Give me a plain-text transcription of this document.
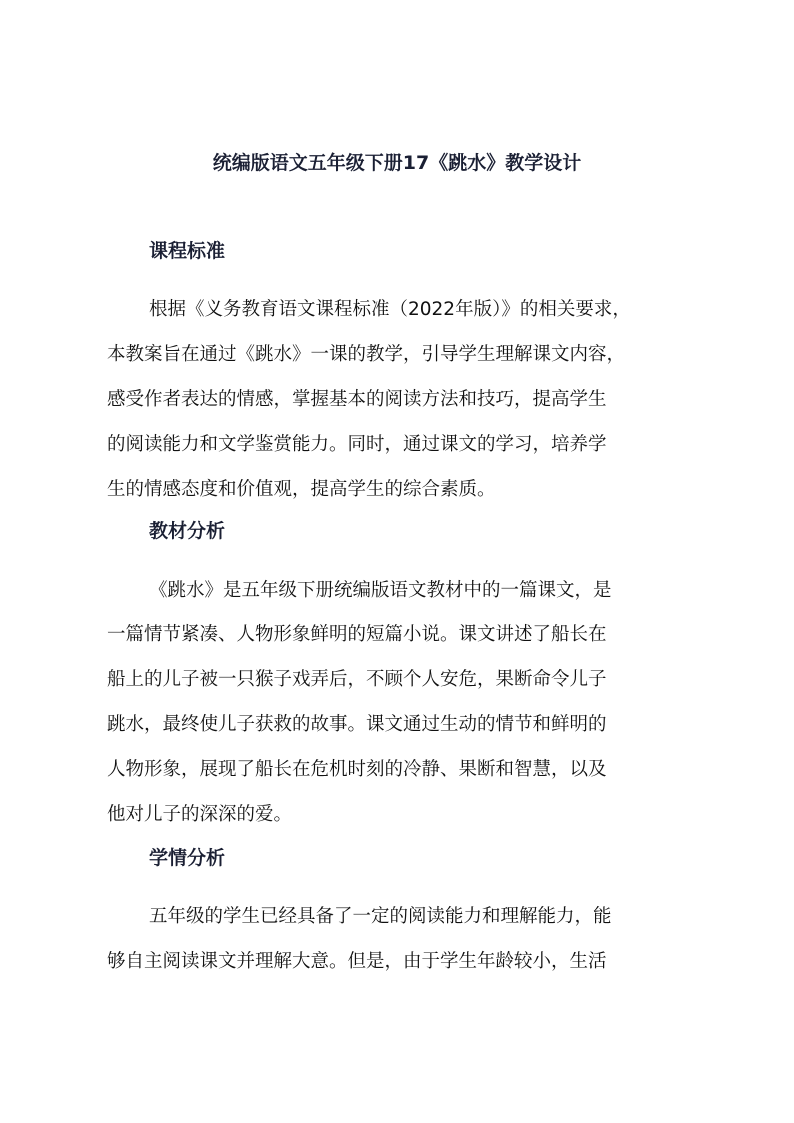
统编版语文五年级下册17《跳水》教学设计
课程标准

根据《义务教育语文课程标准（2022年版）》的相关要求，

本教案旨在通过《跳水》一课的教学，引导学生理解课文内容，

感受作者表达的情感，掌握基本的阅读方法和技巧，提高学生

的阅读能力和文学鉴赏能力。同时，通过课文的学习，培养学

生的情感态度和价值观，提高学生的综合素质。

教材分析

《跳水》是五年级下册统编版语文教材中的一篇课文，是

一篇情节紧凑、人物形象鲜明的短篇小说。课文讲述了船长在

船上的儿子被一只猴子戏弄后，不顾个人安危，果断命令儿子

跳水，最终使儿子获救的故事。课文通过生动的情节和鲜明的

人物形象，展现了船长在危机时刻的冷静、果断和智慧，以及

他对儿子的深深的爱。

学情分析

五年级的学生已经具备了一定的阅读能力和理解能力，能

够自主阅读课文并理解大意。但是，由于学生年龄较小，生活
